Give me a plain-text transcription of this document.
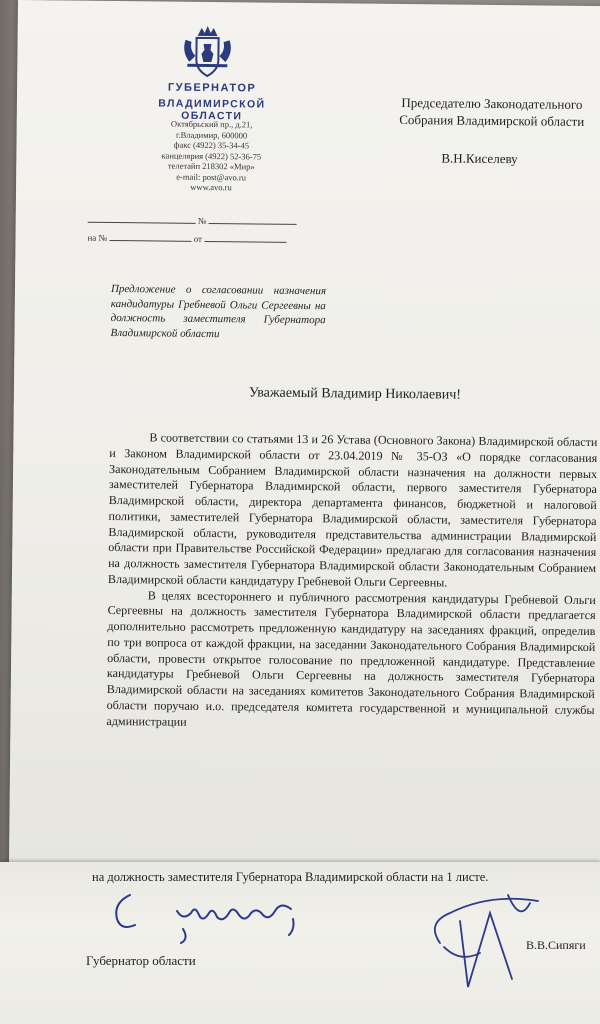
ГУБЕРНАТОР
ВЛАДИМИРСКОЙ ОБЛАСТИ
Октябрьский пр., д.21,
г.Владимир, 600000
факс (4922) 35-34-45
канцелярия (4922) 52-36-75
телетайп 218302 «Мир»
e-mail: post@avo.ru
www.avo.ru
№
на №	от
Председателю Законодательного
Собрания Владимирской области
В.Н.Киселеву
Предложение о согласовании назначения кандидатуры Гребневой Ольги Сергеевны на должность заместителя Губернатора Владимирской области
Уважаемый Владимир Николаевич!

В соответствии со статьями 13 и 26 Устава (Основного Закона) Владимирской области и Законом Владимирской области от 23.04.2019 № 35-ОЗ «О порядке согласования Законодательным Собранием Владимирской области назначения на должности первых заместителей Губернатора Владимирской области, первого заместителя Губернатора Владимирской области, директора департамента финансов, бюджетной и налоговой политики, заместителей Губернатора Владимирской области, заместителя Губернатора Владимирской области, руководителя представительства администрации Владимирской области при Правительстве Российской Федерации» предлагаю для согласования назначения на должность заместителя Губернатора Владимирской области Законодательным Собранием Владимирской области кандидатуру Гребневой Ольги Сергеевны.

В целях всестороннего и публичного рассмотрения кандидатуры Гребневой Ольги Сергеевны на должность заместителя Губернатора Владимирской области предлагается дополнительно рассмотреть предложенную кандидатуру на заседаниях фракций, определив по три вопроса от каждой фракции, на заседании Законодательного Собрания Владимирской области, провести открытое голосование по предложенной кандидатуре. Представление кандидатуры Гребневой Ольги Сергеевны на должность заместителя Губернатора Владимирской области на заседаниях комитетов Законодательного Собрания Владимирской области поручаю и.о. председателя комитета государственной и муниципальной службы администрации

на должность заместителя Губернатора Владимирской области на 1 листе.
Губернатор области
В.В.Сипяги
